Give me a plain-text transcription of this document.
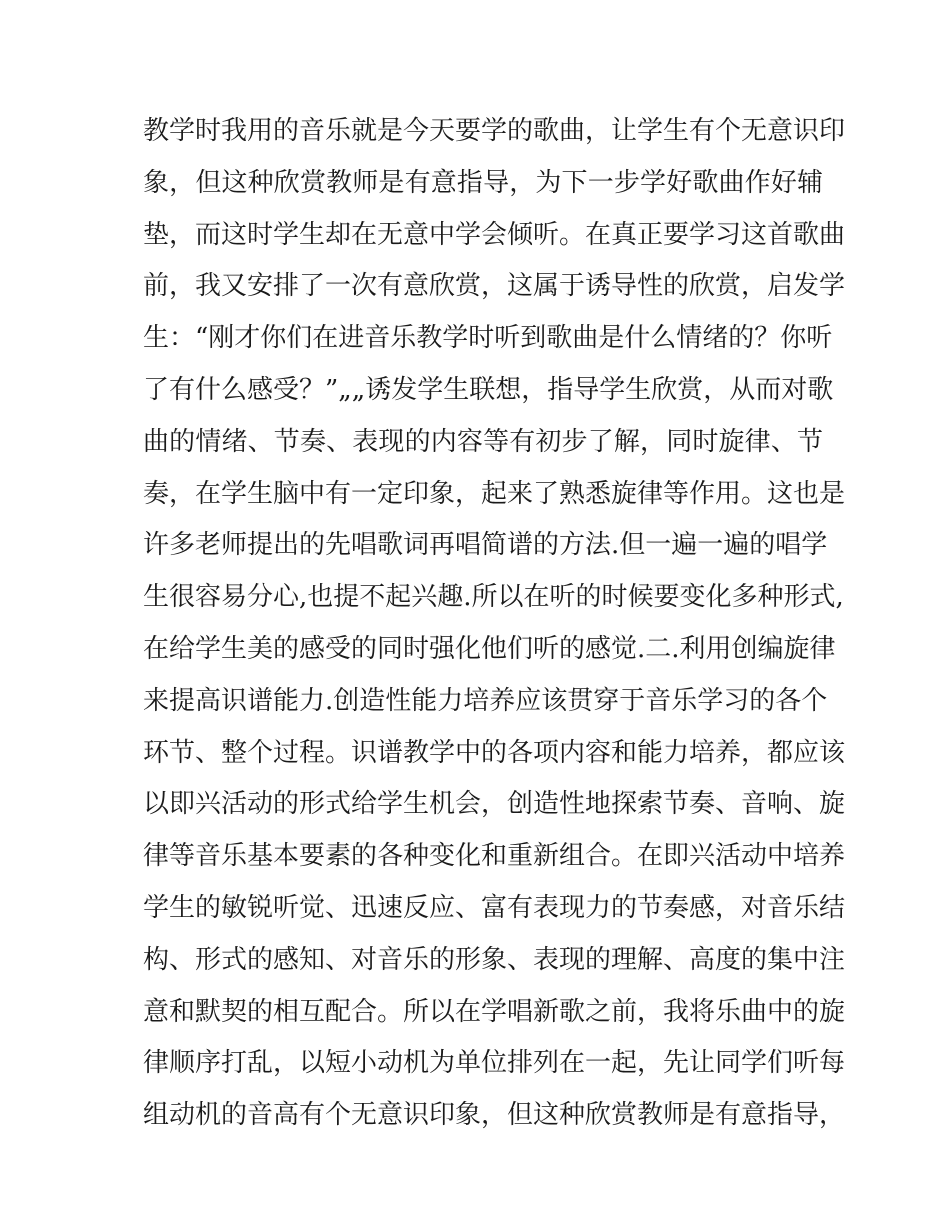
教学时我用的音乐就是今天要学的歌曲，让学生有个无意识印
象，但这种欣赏教师是有意指导，为下一步学好歌曲作好辅
垫，而这时学生却在无意中学会倾听。在真正要学习这首歌曲
前，我又安排了一次有意欣赏，这属于诱导性的欣赏，启发学
生：“刚才你们在进音乐教学时听到歌曲是什么情绪的？你听
了有什么感受？”„„诱发学生联想，指导学生欣赏，从而对歌
曲的情绪、节奏、表现的内容等有初步了解，同时旋律、节
奏，在学生脑中有一定印象，起来了熟悉旋律等作用。这也是
许多老师提出的先唱歌词再唱简谱的方法.但一遍一遍的唱学
生很容易分心,也提不起兴趣.所以在听的时候要变化多种形式,
在给学生美的感受的同时强化他们听的感觉.二.利用创编旋律
来提高识谱能力.创造性能力培养应该贯穿于音乐学习的各个
环节、整个过程。识谱教学中的各项内容和能力培养，都应该
以即兴活动的形式给学生机会，创造性地探索节奏、音响、旋
律等音乐基本要素的各种变化和重新组合。在即兴活动中培养
学生的敏锐听觉、迅速反应、富有表现力的节奏感，对音乐结
构、形式的感知、对音乐的形象、表现的理解、高度的集中注
意和默契的相互配合。所以在学唱新歌之前，我将乐曲中的旋
律顺序打乱，以短小动机为单位排列在一起，先让同学们听每
组动机的音高有个无意识印象，但这种欣赏教师是有意指导，
